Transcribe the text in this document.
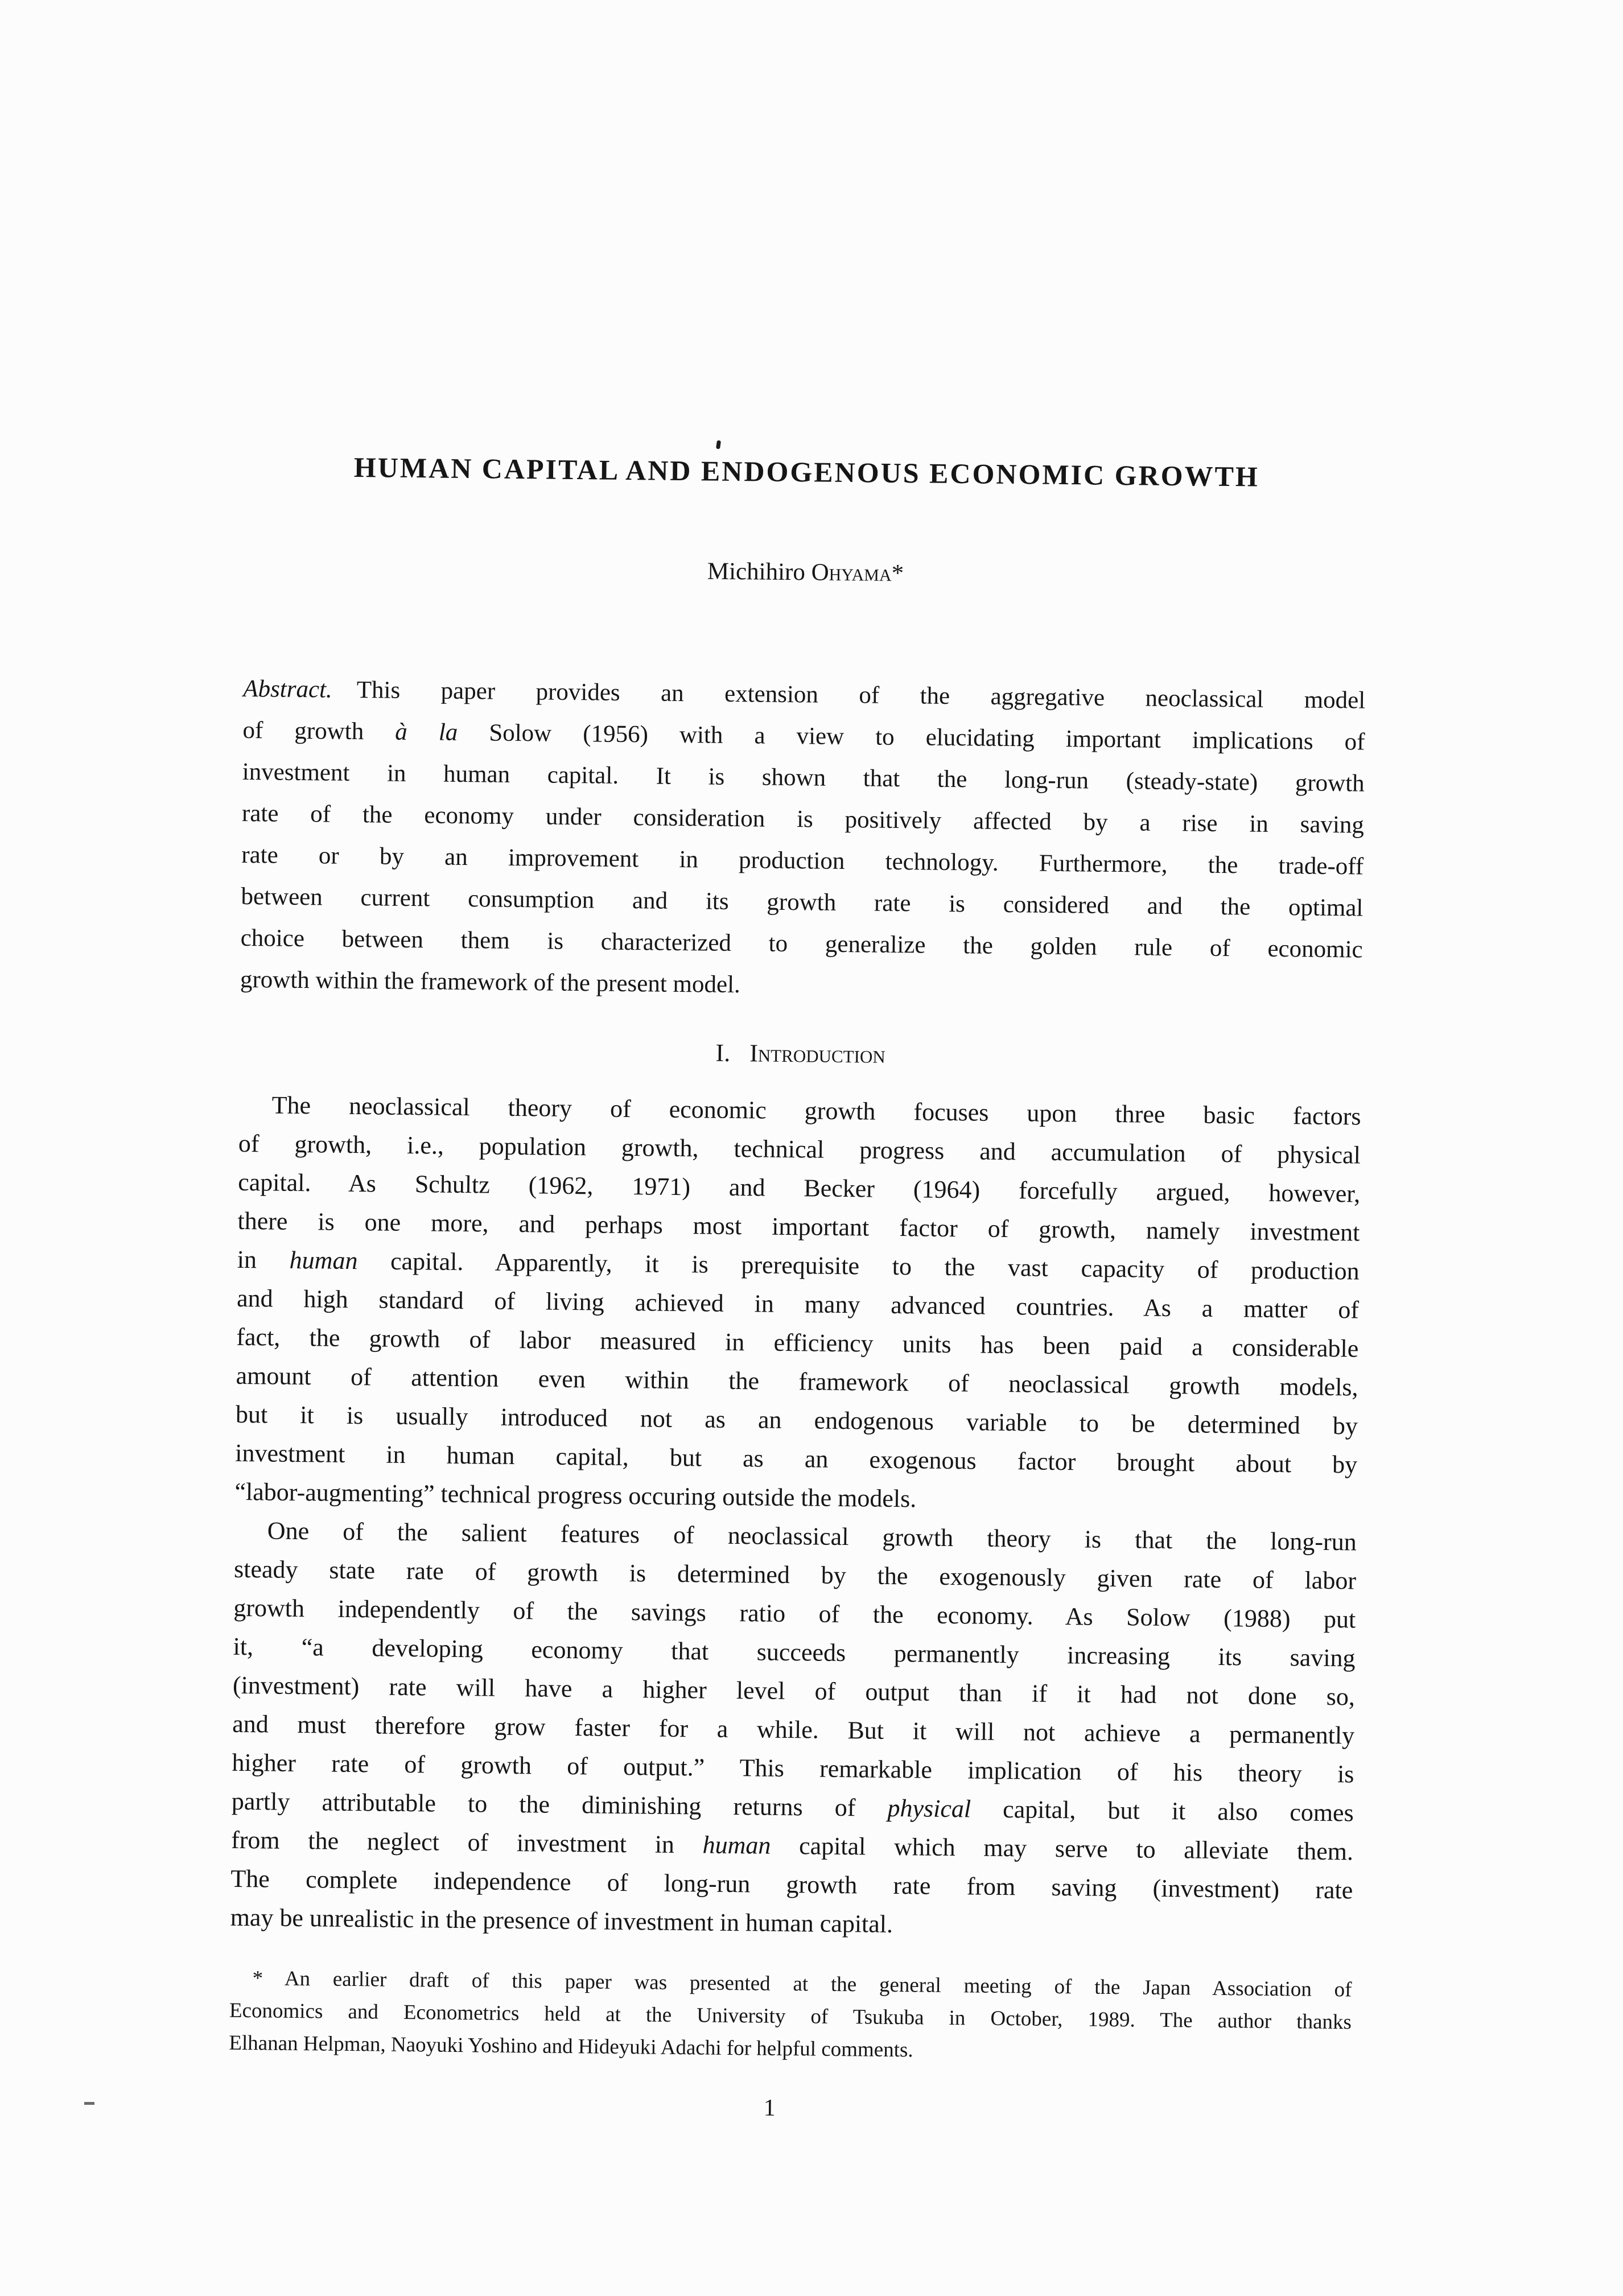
HUMAN CAPITAL AND ENDOGENOUS ECONOMIC GROWTH
Michihiro Ohyama*
Abstract. This paper provides an extension of the aggregative neoclassical model
of growth à la Solow (1956) with a view to elucidating important implications of
investment in human capital. It is shown that the long-run (steady-state) growth
rate of the economy under consideration is positively affected by a rise in saving
rate or by an improvement in production technology. Furthermore, the trade-off
between current consumption and its growth rate is considered and the optimal
choice between them is characterized to generalize the golden rule of economic
growth within the framework of the present model.
I. Introduction
The neoclassical theory of economic growth focuses upon three basic factors
of growth, i.e., population growth, technical progress and accumulation of physical
capital. As Schultz (1962, 1971) and Becker (1964) forcefully argued, however,
there is one more, and perhaps most important factor of growth, namely investment
in human capital. Apparently, it is prerequisite to the vast capacity of production
and high standard of living achieved in many advanced countries. As a matter of
fact, the growth of labor measured in efficiency units has been paid a considerable
amount of attention even within the framework of neoclassical growth models,
but it is usually introduced not as an endogenous variable to be determined by
investment in human capital, but as an exogenous factor brought about by
“labor-augmenting” technical progress occuring outside the models.
One of the salient features of neoclassical growth theory is that the long-run
steady state rate of growth is determined by the exogenously given rate of labor
growth independently of the savings ratio of the economy. As Solow (1988) put
it, “a developing economy that succeeds permanently increasing its saving
(investment) rate will have a higher level of output than if it had not done so,
and must therefore grow faster for a while. But it will not achieve a permanently
higher rate of growth of output.” This remarkable implication of his theory is
partly attributable to the diminishing returns of physical capital, but it also comes
from the neglect of investment in human capital which may serve to alleviate them.
The complete independence of long-run growth rate from saving (investment) rate
may be unrealistic in the presence of investment in human capital.
* An earlier draft of this paper was presented at the general meeting of the Japan Association of
Economics and Econometrics held at the University of Tsukuba in October, 1989. The author thanks
Elhanan Helpman, Naoyuki Yoshino and Hideyuki Adachi for helpful comments.
1
